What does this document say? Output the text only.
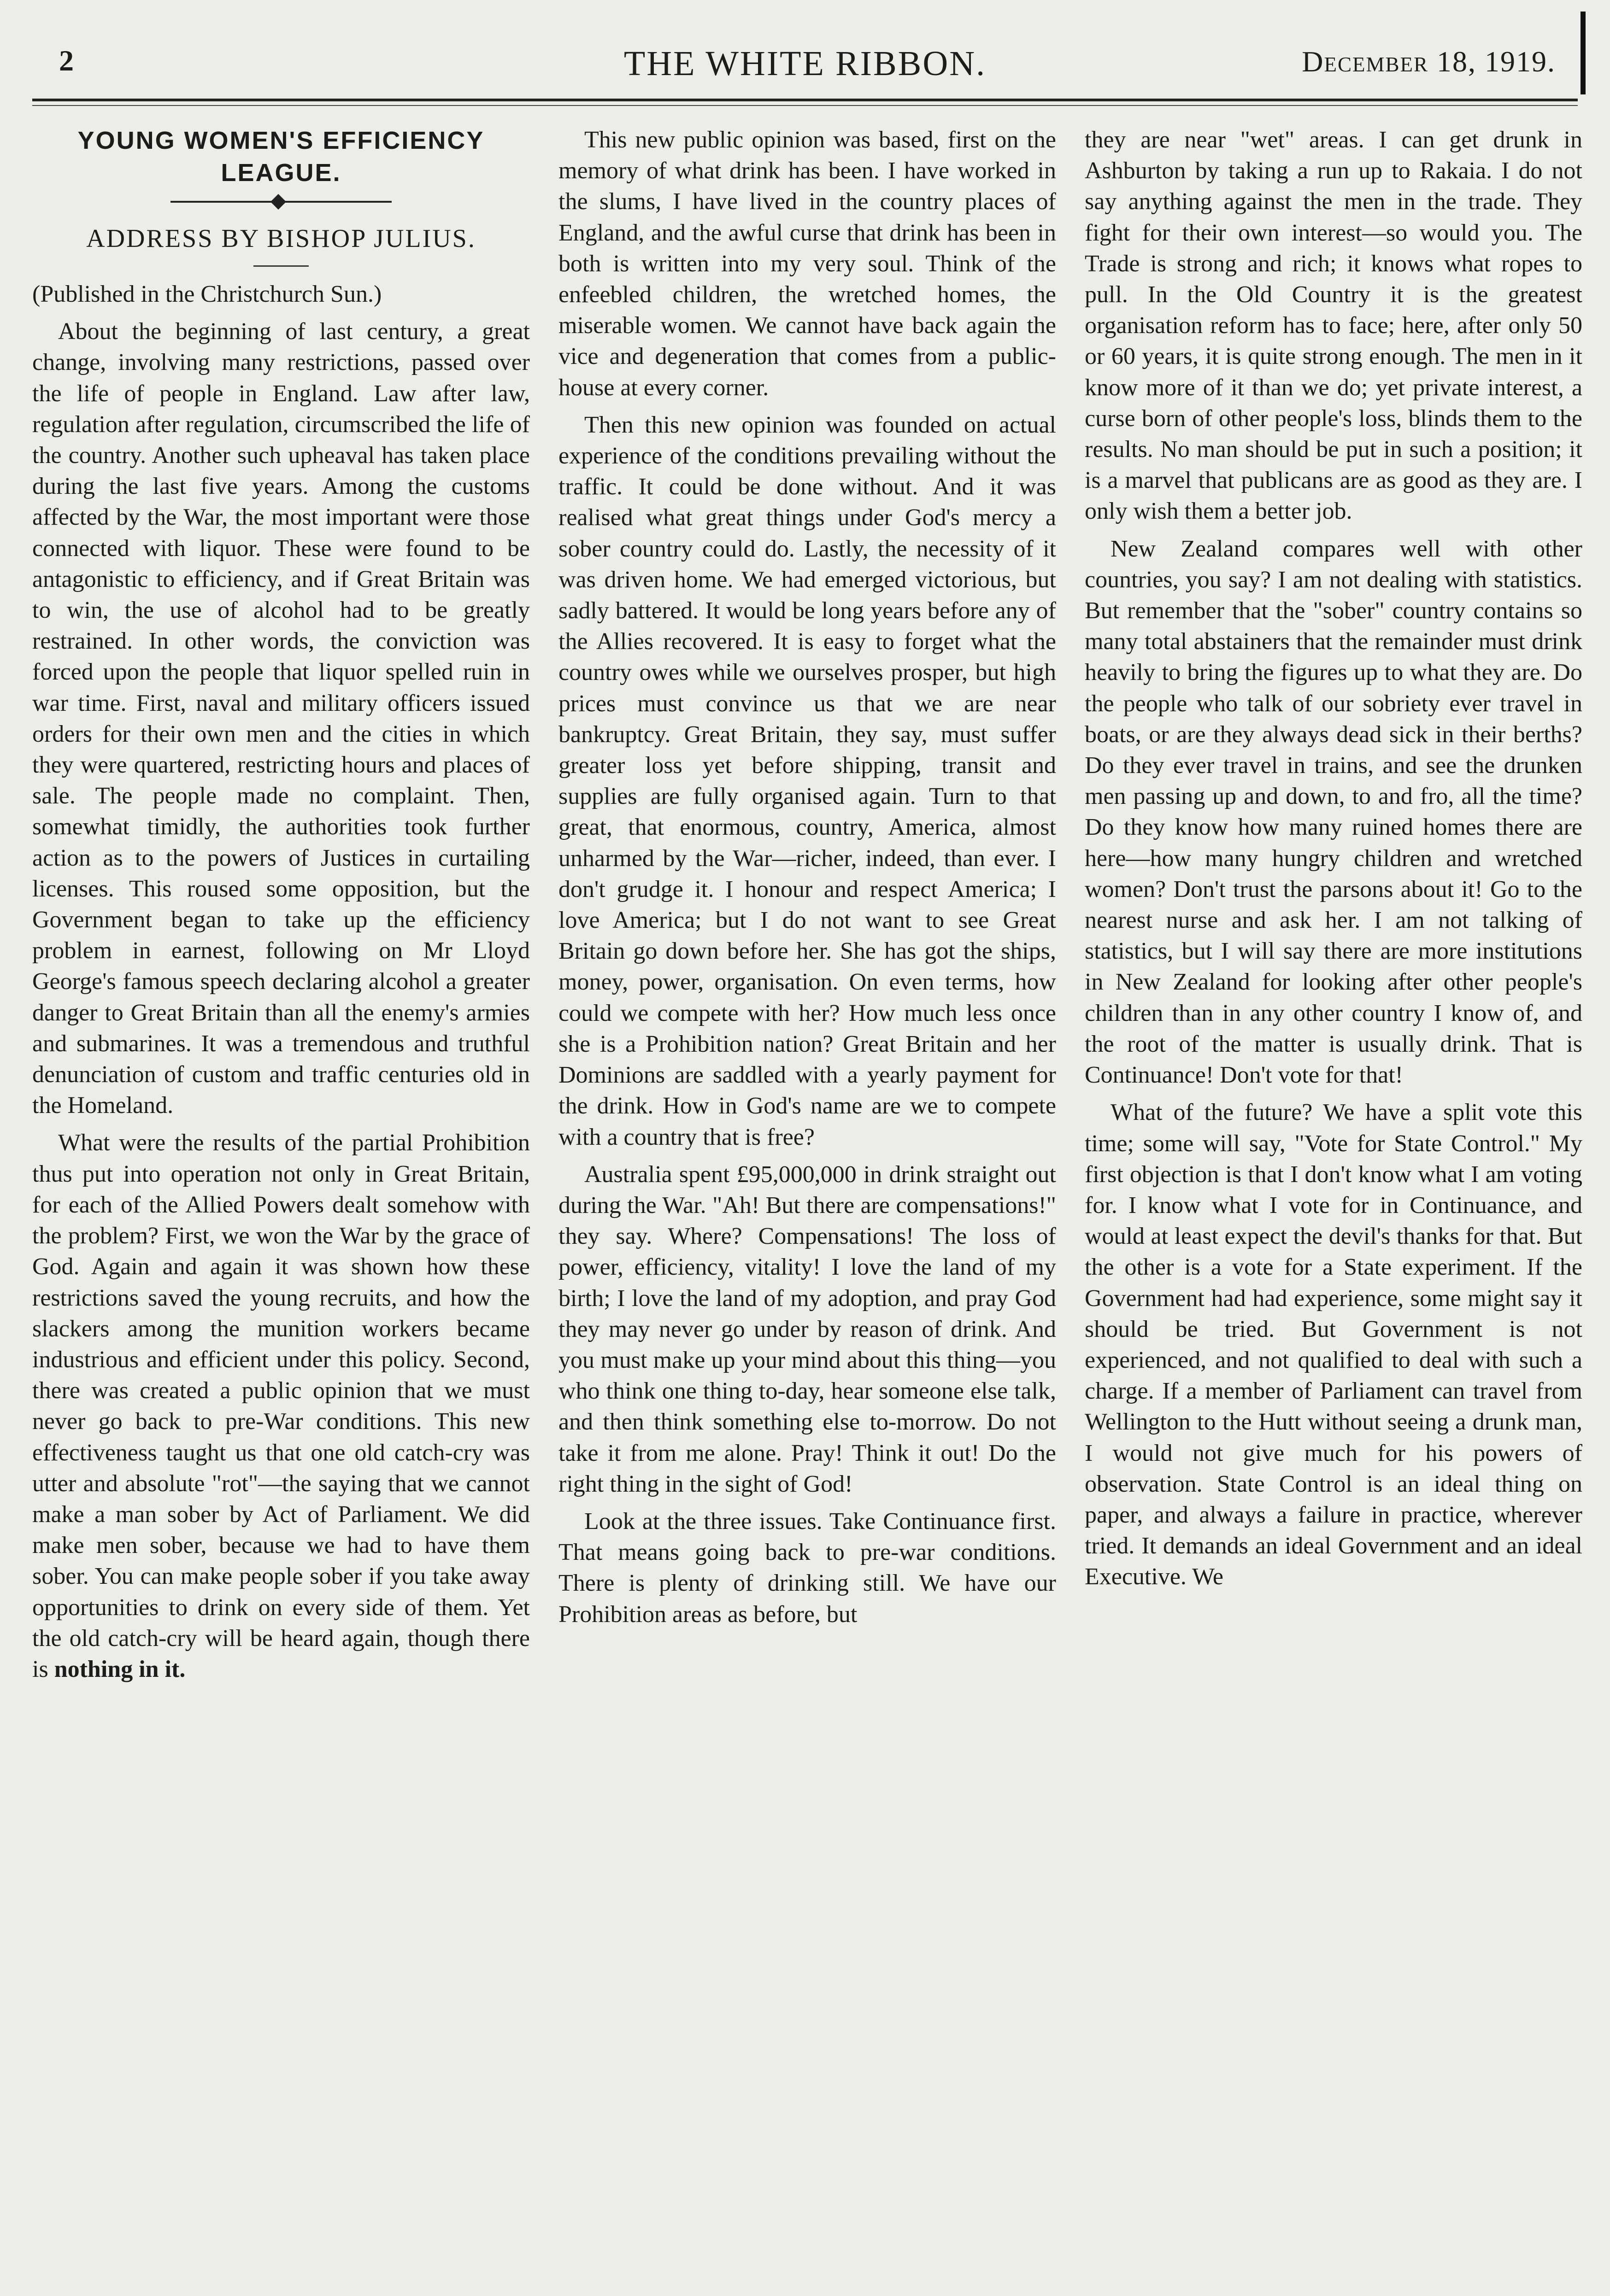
2	THE WHITE RIBBON.	December 18, 1919.
YOUNG WOMEN'S EFFICIENCY LEAGUE.
ADDRESS BY BISHOP JULIUS.

(Published in the Christchurch Sun.)

About the beginning of last century, a great change, involving many restrictions, passed over the life of people in England. Law after law, regulation after regulation, circumscribed the life of the country. Another such upheaval has taken place during the last five years. Among the customs affected by the War, the most important were those connected with liquor. These were found to be antagonistic to efficiency, and if Great Britain was to win, the use of alcohol had to be greatly restrained. In other words, the conviction was forced upon the people that liquor spelled ruin in war time. First, naval and military officers issued orders for their own men and the cities in which they were quartered, restricting hours and places of sale. The people made no complaint. Then, somewhat timidly, the authorities took further action as to the powers of Justices in curtailing licenses. This roused some opposition, but the Government began to take up the efficiency problem in earnest, following on Mr Lloyd George's famous speech declaring alcohol a greater danger to Great Britain than all the enemy's armies and submarines. It was a tremendous and truthful denunciation of custom and traffic centuries old in the Homeland.

What were the results of the partial Prohibition thus put into operation not only in Great Britain, for each of the Allied Powers dealt somehow with the problem? First, we won the War by the grace of God. Again and again it was shown how these restrictions saved the young recruits, and how the slackers among the munition workers became industrious and efficient under this policy. Second, there was created a public opinion that we must never go back to pre-War conditions. This new effectiveness taught us that one old catch-cry was utter and absolute "rot"—the saying that we cannot make a man sober by Act of Parliament. We did make men sober, because we had to have them sober. You can make people sober if you take away opportunities to drink on every side of them. Yet the old catch-cry will be heard again, though there is nothing in it.

This new public opinion was based, first on the memory of what drink has been. I have worked in the slums, I have lived in the country places of England, and the awful curse that drink has been in both is written into my very soul. Think of the enfeebled children, the wretched homes, the miserable women. We cannot have back again the vice and degeneration that comes from a public-house at every corner.

Then this new opinion was founded on actual experience of the conditions prevailing without the traffic. It could be done without. And it was realised what great things under God's mercy a sober country could do. Lastly, the necessity of it was driven home. We had emerged victorious, but sadly battered. It would be long years before any of the Allies recovered. It is easy to forget what the country owes while we ourselves prosper, but high prices must convince us that we are near bankruptcy. Great Britain, they say, must suffer greater loss yet before shipping, transit and supplies are fully organised again. Turn to that great, that enormous, country, America, almost unharmed by the War—richer, indeed, than ever. I don't grudge it. I honour and respect America; I love America; but I do not want to see Great Britain go down before her. She has got the ships, money, power, organisation. On even terms, how could we compete with her? How much less once she is a Prohibition nation? Great Britain and her Dominions are saddled with a yearly payment for the drink. How in God's name are we to compete with a country that is free?

Australia spent £95,000,000 in drink straight out during the War. "Ah! But there are compensations!" they say. Where? Compensations! The loss of power, efficiency, vitality! I love the land of my birth; I love the land of my adoption, and pray God they may never go under by reason of drink. And you must make up your mind about this thing—you who think one thing to-day, hear someone else talk, and then think something else to-morrow. Do not take it from me alone. Pray! Think it out! Do the right thing in the sight of God!

Look at the three issues. Take Continuance first. That means going back to pre-war conditions. There is plenty of drinking still. We have our Prohibition areas as before, but

they are near "wet" areas. I can get drunk in Ashburton by taking a run up to Rakaia. I do not say anything against the men in the trade. They fight for their own interest—so would you. The Trade is strong and rich; it knows what ropes to pull. In the Old Country it is the greatest organisation reform has to face; here, after only 50 or 60 years, it is quite strong enough. The men in it know more of it than we do; yet private interest, a curse born of other people's loss, blinds them to the results. No man should be put in such a position; it is a marvel that publicans are as good as they are. I only wish them a better job.

New Zealand compares well with other countries, you say? I am not dealing with statistics. But remember that the "sober" country contains so many total abstainers that the remainder must drink heavily to bring the figures up to what they are. Do the people who talk of our sobriety ever travel in boats, or are they always dead sick in their berths? Do they ever travel in trains, and see the drunken men passing up and down, to and fro, all the time? Do they know how many ruined homes there are here—how many hungry children and wretched women? Don't trust the parsons about it! Go to the nearest nurse and ask her. I am not talking of statistics, but I will say there are more institutions in New Zealand for looking after other people's children than in any other country I know of, and the root of the matter is usually drink. That is Continuance! Don't vote for that!

What of the future? We have a split vote this time; some will say, "Vote for State Control." My first objection is that I don't know what I am voting for. I know what I vote for in Continuance, and would at least expect the devil's thanks for that. But the other is a vote for a State experiment. If the Government had had experience, some might say it should be tried. But Government is not experienced, and not qualified to deal with such a charge. If a member of Parliament can travel from Wellington to the Hutt without seeing a drunk man, I would not give much for his powers of observation. State Control is an ideal thing on paper, and always a failure in practice, wherever tried. It demands an ideal Government and an ideal Executive. We
